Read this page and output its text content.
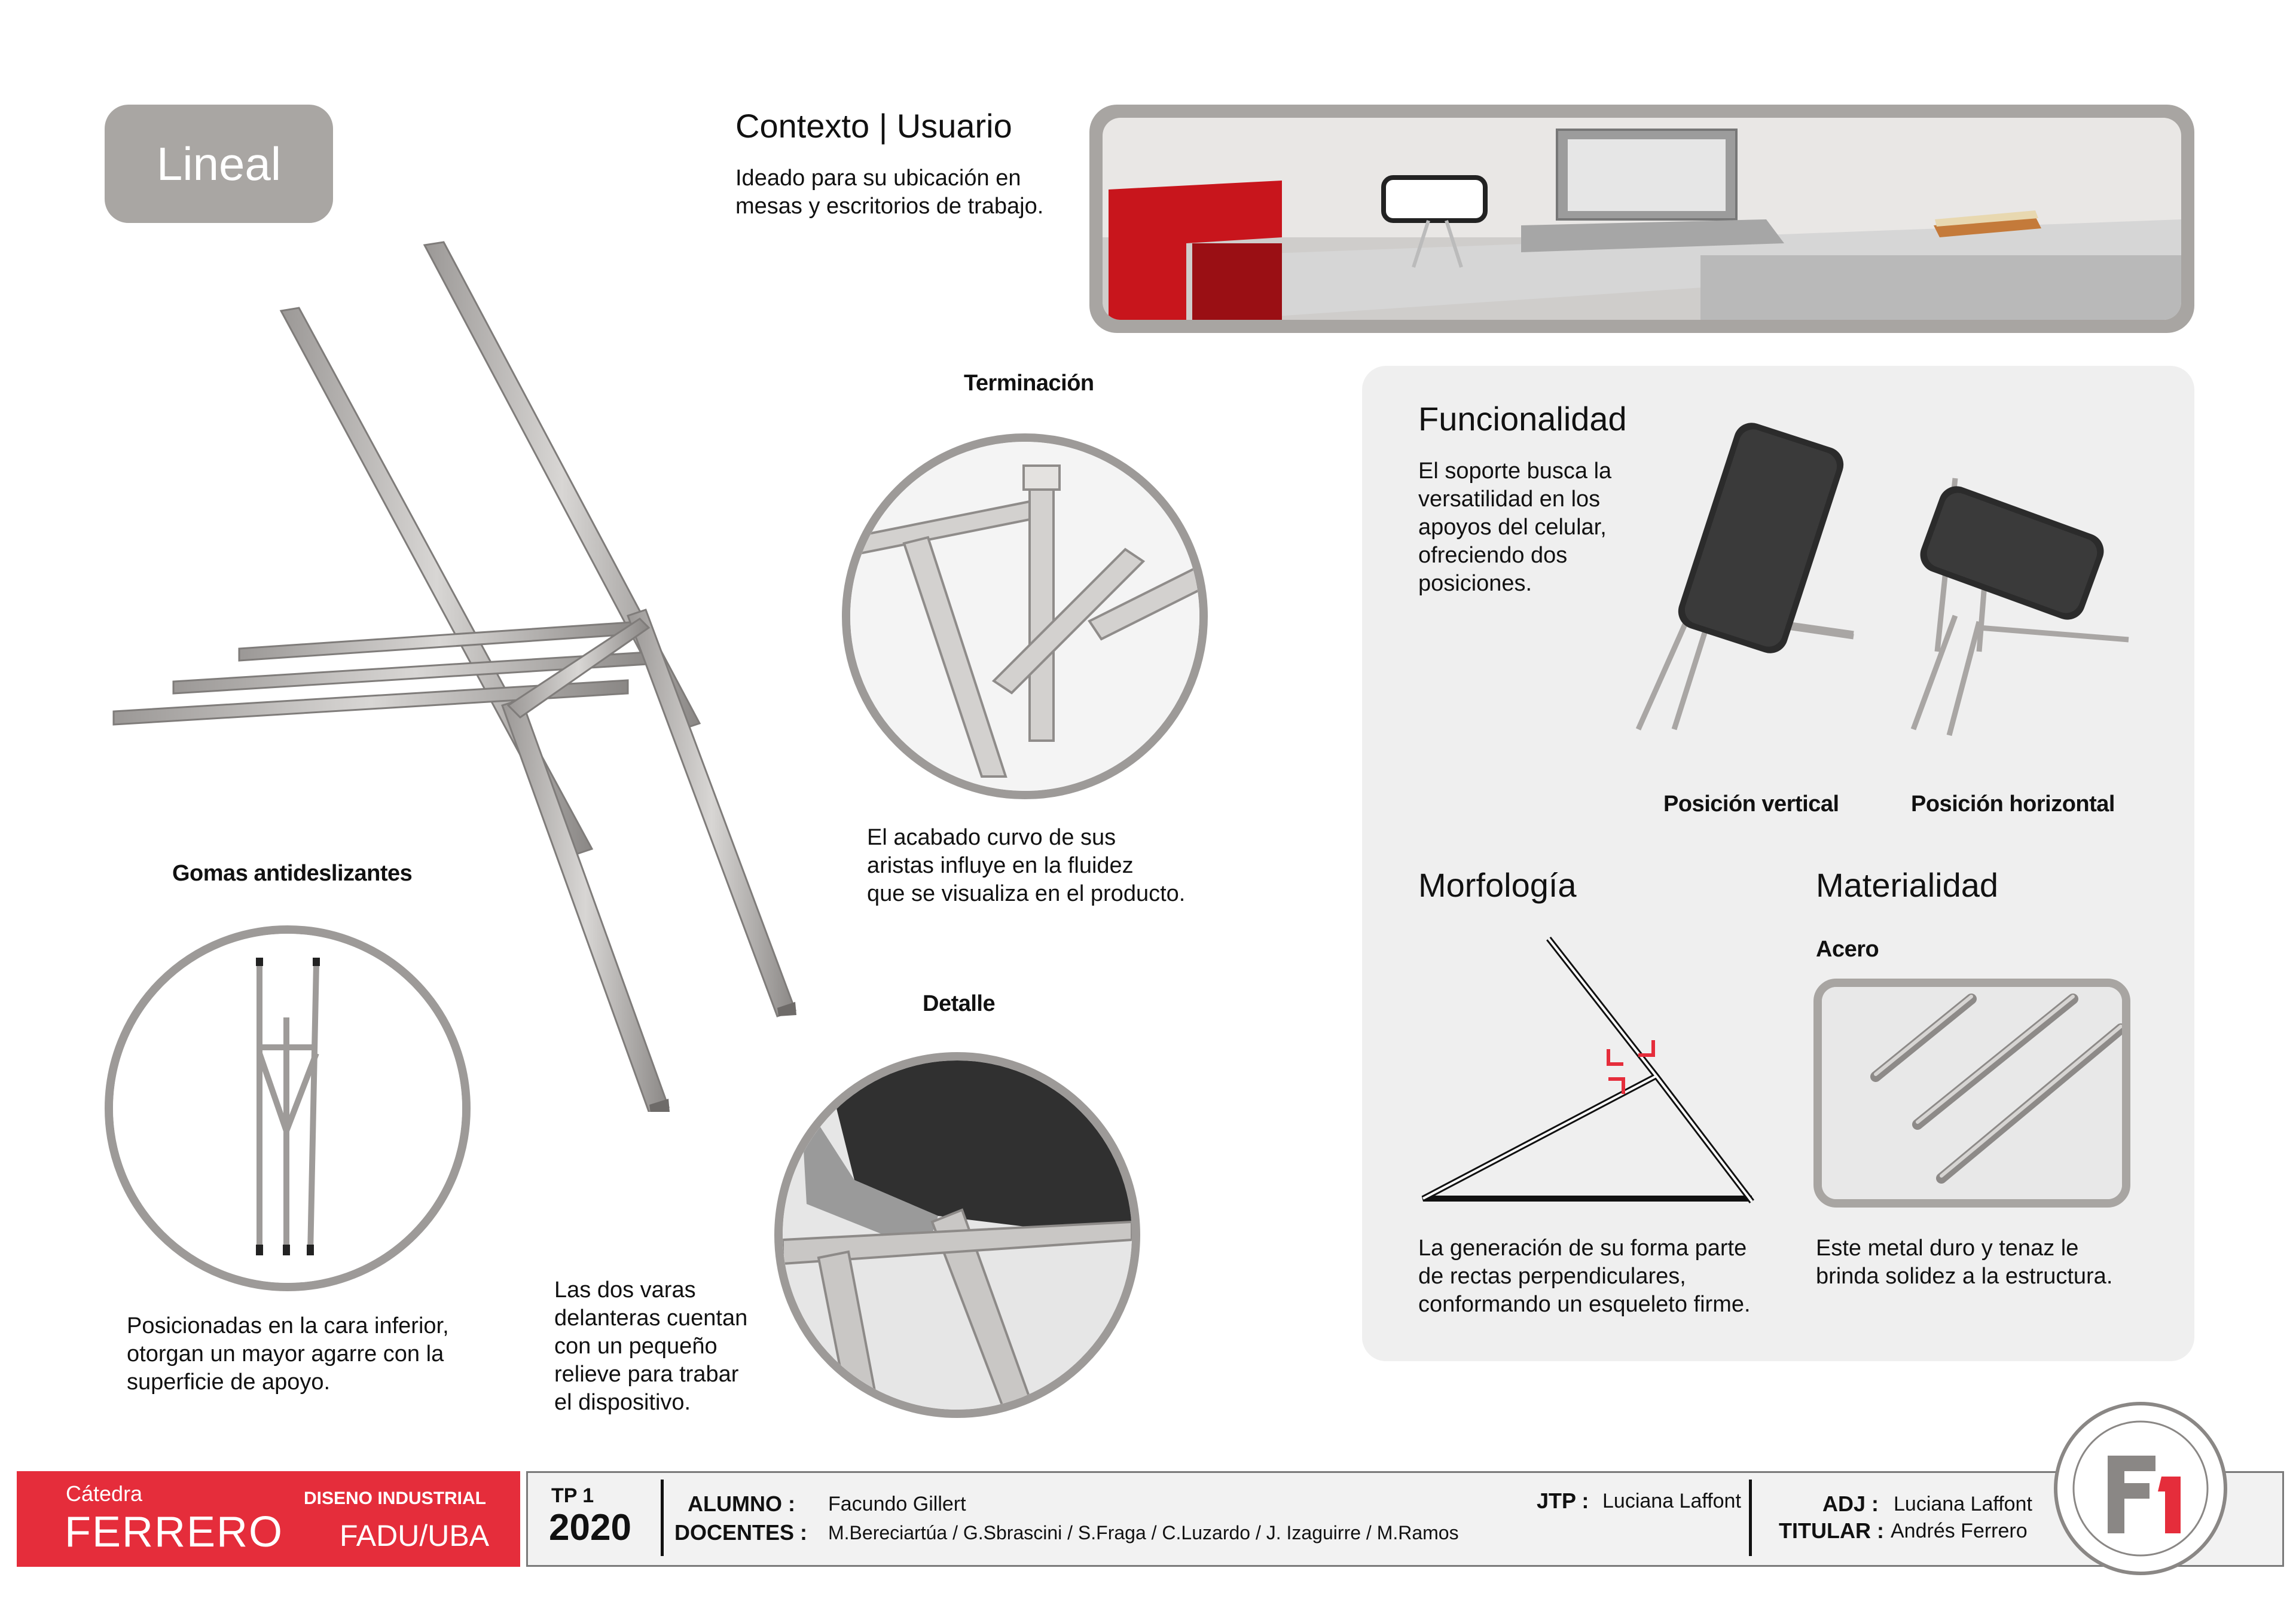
Lineal
Contexto | Usuario
Ideado para su ubicación en
mesas y escritorios de trabajo.
Terminación
El acabado curvo de sus
aristas influye en la fluidez
que se visualiza en el producto.
Gomas antideslizantes
Posicionadas en la cara inferior,
otorgan un mayor agarre con la
superficie de apoyo.
Detalle
Las dos varas
delanteras cuentan
con un pequeño
relieve para trabar
el dispositivo.
Funcionalidad
El soporte busca la
versatilidad en los
apoyos del celular,
ofreciendo dos
posiciones.
Posición vertical	Posición horizontal
Morfología
La generación de su forma parte
de rectas perpendiculares,
conformando un esqueleto firme.
Materialidad
Acero
Este metal duro y tenaz le
brinda solidez a la estructura.
Cátedra
FERRERO
DISENO INDUSTRIAL
FADU/UBA
TP 1
2020
ALUMNO : Facundo Gillert
DOCENTES : M.Bereciartúa / G.Sbrascini / S.Fraga / C.Luzardo / J. Izaguirre / M.Ramos
JTP : Luciana Laffont	ADJ : Luciana Laffont
TITULAR : Andrés Ferrero
